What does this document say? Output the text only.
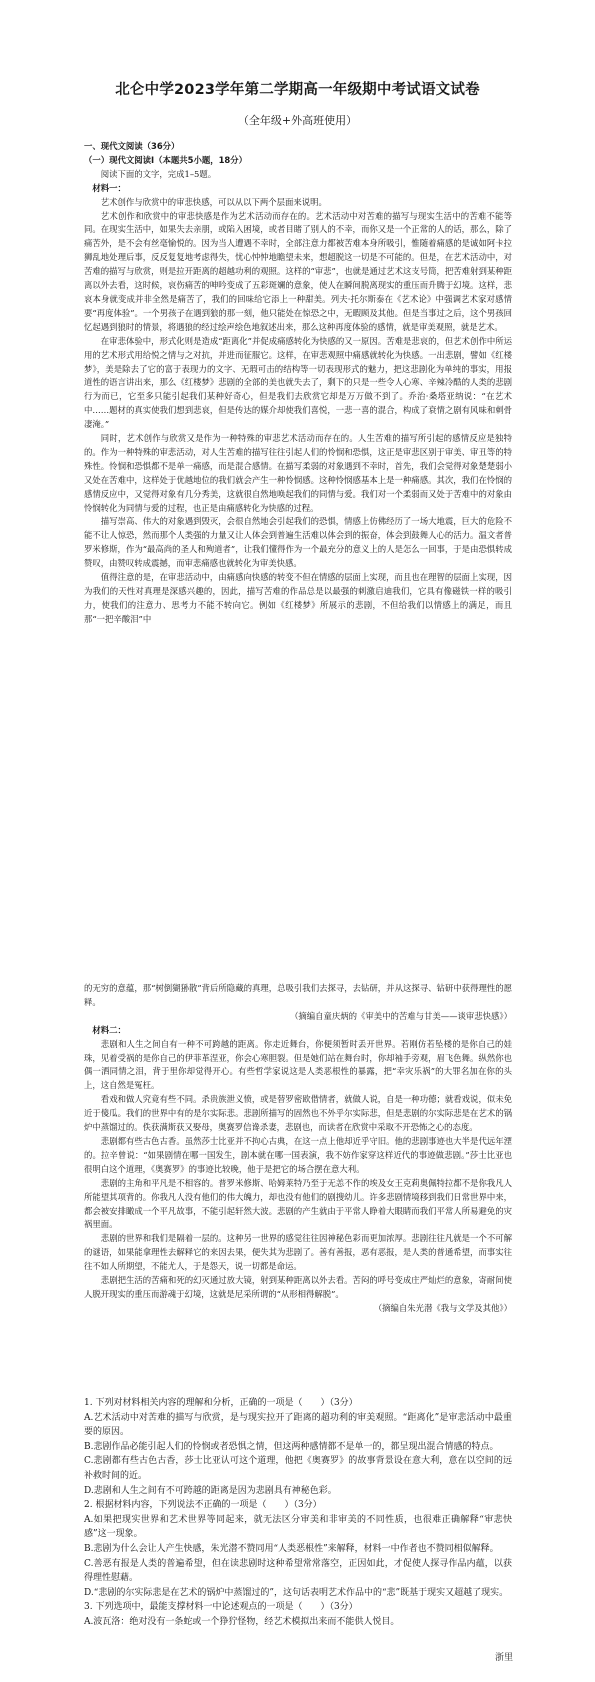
北仑中学2023学年第二学期高一年级期中考试语文试卷
（全年级+外高班使用）

一、现代文阅读（36分）

（一）现代文阅读Ⅰ（本题共5小题，18分）

阅读下面的文字，完成1–5题。

材料一：

艺术创作与欣赏中的审悲快感，可以从以下两个层面来说明。

艺术创作和欣赏中的审悲快感是作为艺术活动而存在的。艺术活动中对苦难的描写与现实生活中的苦难不能等同。在现实生活中，如果失去亲朋，或陷入困境，或者目睹了别人的不幸，而你又是一个正常的人的话，那么，除了痛苦外，是不会有丝毫愉悦的。因为当人遭遇不幸时，全部注意力都被苦难本身所吸引，惟随着痛感的是诚如阿卡拉狮乱地处理后事，反反复复地考虑得失，忧心忡忡地瞻望未来，想超脱这一切是不可能的。但是，在艺术活动中，对苦难的描写与欣赏，则是拉开距离的超越功利的观照。这样的“审悲”，也就是通过艺术这支号筒，把苦难射到某种距离以外去看，这时候，哀伤痛苦的呻吟变成了五彩斑斓的意象，使人在瞬间脱离现实的重压而升腾于幻境。这样，悲哀本身就变成并非全然是痛苦了，我们的回味给它添上一种甜美。列夫·托尔斯泰在《艺术论》中强调艺术家对感情要“再度体验”。一个男孩子在遇到狼的那一刻，他只能处在惊恐之中，无暇顾及其他。但是当事过之后，这个男孩回忆起遇到狼时的情景，将遇狼的经过绘声绘色地叙述出来，那么这种再度体验的感情，就是审美观照，就是艺术。

在审悲体验中，形式化则是造成“距离化”并促成痛感转化为快感的又一原因。苦难是悲哀的，但艺术创作中所运用的艺术形式用给悦之情与之对抗，并进而征服它。这样，在审悲观照中痛感就转化为快感。一出悲剧，譬如《红楼梦》，美是除去了它的富于表现力的文字、无瑕可击的结构等一切表现形式的魅力，把这悲剧化为单纯的事实，用报道性的语言讲出来，那么《红楼梦》悲剧的全部的美也就失去了，剩下的只是一些令人心寒、辛辣冷酷的人类的悲剧行为而已，它至多只能引起我们某种好奇心，但是我们去欣赏它却是万万做不到了。乔治·桑塔亚纳说：“在艺术中……题材的真实使我们想到悲哀，但是传达的媒介却使我们喜悦，一悲一喜的混合，构成了衰情之剧有风味和刺骨凄淹。”

同时，艺术创作与欣赏又是作为一种特殊的审悲艺术活动而存在的。人生苦难的描写所引起的感情反应是独特的。作为一种特殊的审悲活动，对人生苦难的描写往往引起人们的怜悯和恐惧，这正是审悲区别于审美、审丑等的特殊性。怜悯和恐惧都不是单一痛感，而是混合感情。在描写柔弱的对象遇到不幸时，首先，我们会觉得对象楚楚弱小又处在苦难中，这样处于优越地位的我们就会产生一种怜悯感。这种怜悯感基本上是一种痛感。其次，我们在怜悯的感情反应中，又觉得对象有几分秀美，这就很自然地唤起我们的同情与爱。我们对一个柔弱而又处于苦难中的对象由怜悯转化为同情与爱的过程，也正是由痛感转化为快感的过程。

描写崇高、伟大的对象遇到毁灭，会很自然地会引起我们的恐惧，情感上仿佛经历了一场大地震，巨大的危险不能不让人惊恐，然而那个人类强的力量又让人体会到普遍生活难以体会到的振奋，体会到鼓舞人心的活力。温文者普罗米修斯，作为“最高尚的圣人和殉道者”，让我们懂得作为一个最充分的意义上的人是怎么一回事，于是由恐惧转成赞叹，由赞叹转成震撼，而审悲痛感也就转化为审美快感。

值得注意的是，在审悲活动中，由痛感向快感的转变不但在情感的层面上实现，而且也在理智的层面上实现，因为我们的天性对真理是深感兴趣的，因此，描写苦难的作品总是以最强的刺激启迪我们，它具有像磁铁一样的吸引力，使我们的注意力、思考力不能不转向它。例如《红楼梦》所展示的悲剧，不但给我们以情感上的满足，而且那“一把辛酸泪”中

的无穷的意蕴，那“树倒猢狲散”背后所隐藏的真理，总吸引我们去探寻，去钻研，并从这探寻、钻研中获得理性的愿释。

（摘编自童庆炳的《审美中的苦难与甘美——谈审悲快感》）

材料二：

悲剧和人生之间自有一种不可跨越的距离。你走近舞台，你便须暂时丢开世界。若刚仿若坠楼的是你自己的娃珠，见着受祸的是你自己的伊菲革涅亚，你会心寒胆裂。但是她们站在舞台时，你却袖手旁观，眉飞色舞。纵然你也偶一洒同情之泪，背于里你却觉得开心。有些哲学家说这是人类恶根性的暴露，把“幸灾乐祸”的大罪名加在你的头上，这自然是冤枉。

看戏和做人究竟有些不同。杀贵族泄义愤，或是替罗密欧借情者，就做人说，自是一种功德；就看戏说，似未免近于傻瓜。我们的世界中有的是尔实际悲。悲剧所描写的固然也不外乎尔实际悲，但是悲剧的尔实际悲是在艺术的锅炉中蒸馏过的。佚获满斯获又娶母，奥赛罗信谗杀妻，悲剧也，而读者在欣赏中采取不开恐怖之心的态度。

悲剧都有些古色古香。虽然莎士比亚并不拘心古典，在这一点上他却近乎守旧。他的悲剧事迹也大半是代远年湮的。拉辛曾说：“如果剧情在哪一国发生，剧本就在哪一国表演，我不妨作家穿这样近代的事迹做悲剧。”莎士比亚也很明白这个道理，《奥赛罗》的事迹比较晚，他于是把它的场合摆在意大利。

悲剧的主角和平凡是不相容的。普罗米修斯、哈姆莱特乃至于无恙不作的埃及女王克莉奥佩特拉都不是你我凡人所能望其项背的。你我凡人没有他们的伟大魄力，却也没有他们的剧搜幼儿。许多悲剧情境移到我们日常世界中来，都会被安排瞰成一个平凡故事，不能引起轩然大波。悲剧的产生就由于平常人睁着大眼睛而我们平常人所易避免的灾祸里面。

悲剧的世界和我们是隔着一层的。这种另一世界的感觉往往因神秘色彩而更加浓厚。悲剧往往凡就是一个不可解的谜语，如果能拿理性去解释它的来因去果，便失其为悲剧了。善有善报，恶有恶报，是人类的普通希望，而事实往往不如人所期望，不能尤人，于是怨天，说一切都是命运。

悲剧把生活的苦痛和死的幻灭通过放大镜，射到某种距离以外去看。苦闷的呼号变成庄严灿烂的意象，寄耐间使人脱开现实的重压而游魂于幻境，这就是尼采所谓的“从形相得解脱”。

（摘编自朱光潜《我与文学及其他》）

1. 下列对材料相关内容的理解和分析，正确的一项是（　　）（3分）

A.艺术活动中对苦难的描写与欣赏，是与现实拉开了距离的超功利的审美观照。“距离化”是审悲活动中最重要的原因。

B.悲剧作品必能引起人们的怜悯或者恐惧之情，但这两种感情都不是单一的，都呈现出混合情感的特点。

C.悲剧都有些古色古香，莎士比亚认可这个道理，他把《奥赛罗》的故事背景设在意大利，意在以空间的远补救时间的近。

D.悲剧和人生之间有不可跨越的距离是因为悲剧具有神秘色彩。

2. 根据材料内容，下列说法不正确的一项是（　　）（3分）

A.如果把现实世界和艺术世界等同起来，就无法区分审美和非审美的不同性质，也很难正确解释“审悲快感”这一现象。

B.悲剧为什么会让人产生快感，朱光潜不赞同用“人类恶根性”来解释，材料一中作者也不赞同相似解释。

C.善恶有报是人类的普遍希望，但在读悲剧时这种希望常常落空，正因如此，才促使人探寻作品内蕴，以获得理性慰藉。

D.“悲剧的尔实际悲是在艺术的锅炉中蒸馏过的”，这句话表明艺术作品中的“悲”既基于现实又超越了现实。

3. 下列选项中，最能支撑材料一中论述观点的一项是（　　）（3分）

A.波瓦洛：绝对没有一条蛇或一个狰狞怪物，经艺术模拟出来而不能供人悦目。

浙里
